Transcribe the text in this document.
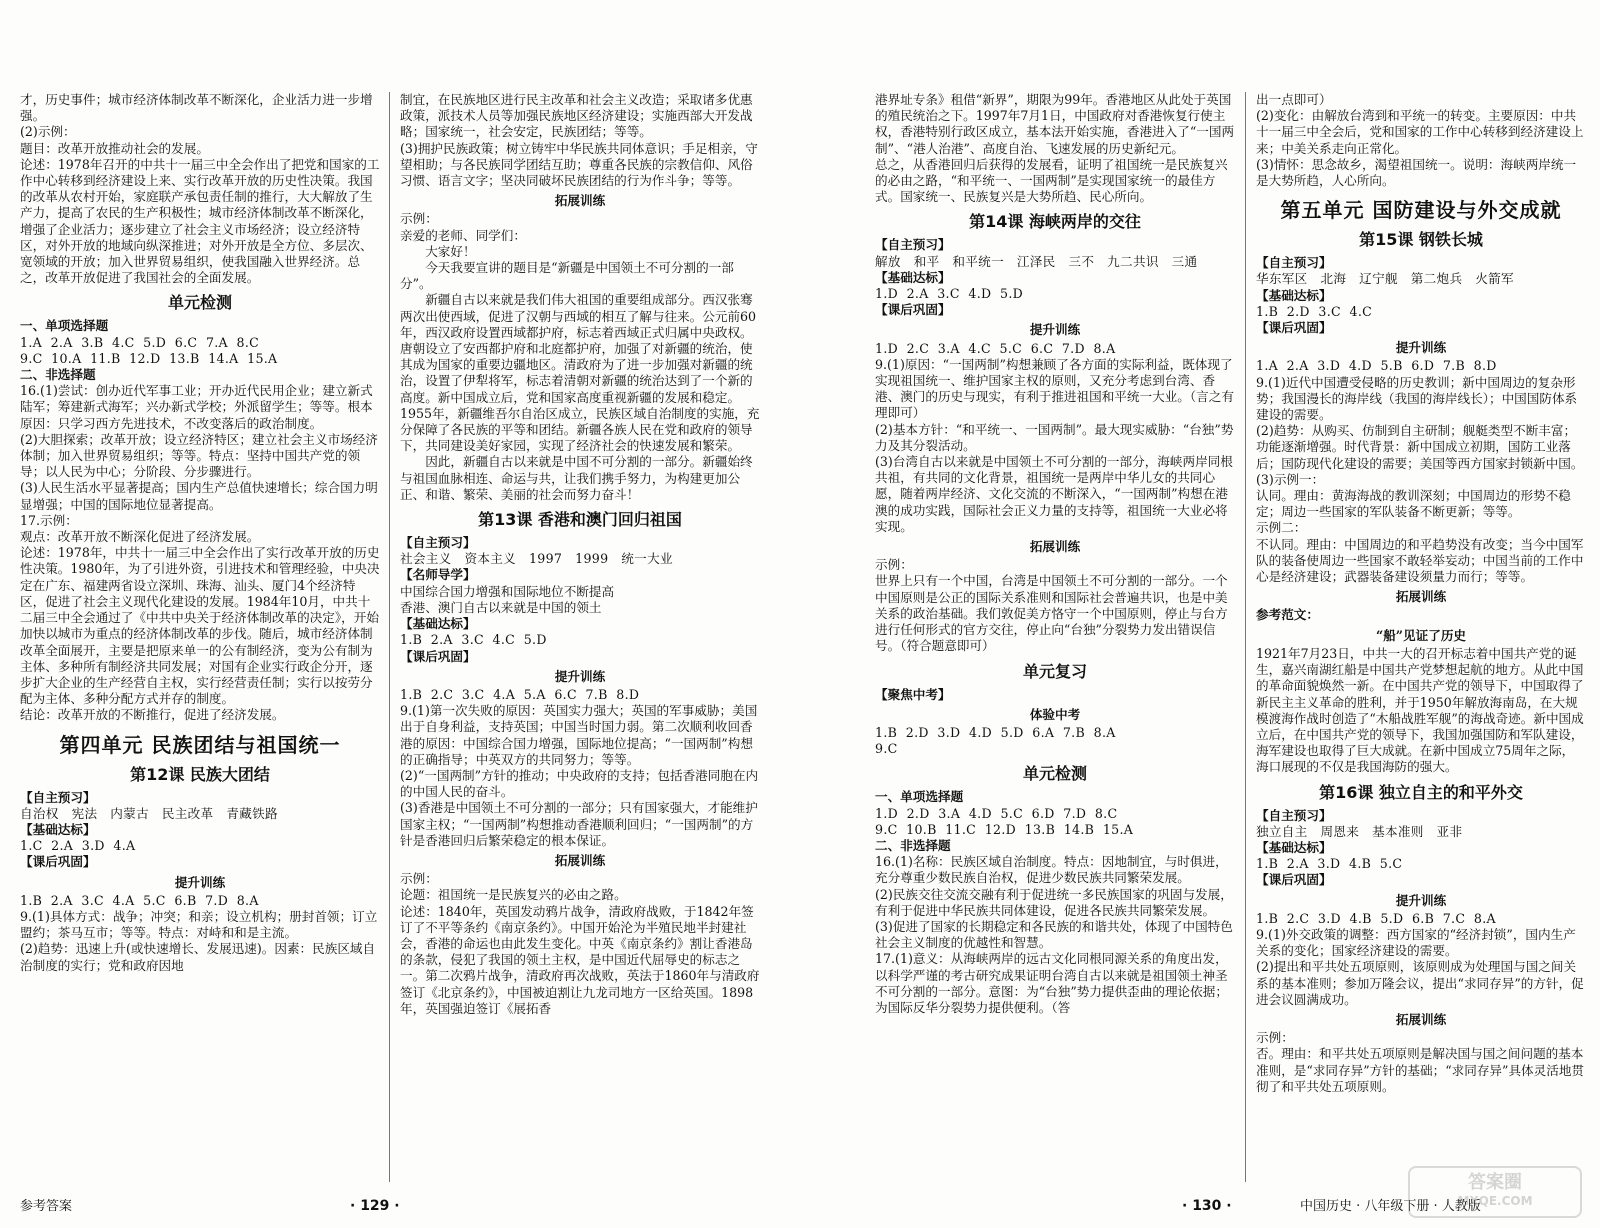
才，历史事件；城市经济体制改革不断深化，企业活力进一步增强。

(2)示例：

题目：改革开放推动社会的发展。

论述：1978年召开的中共十一届三中全会作出了把党和国家的工作中心转移到经济建设上来、实行改革开放的历史性决策。我国的改革从农村开始，家庭联产承包责任制的推行，大大解放了生产力，提高了农民的生产积极性；城市经济体制改革不断深化，增强了企业活力；逐步建立了社会主义市场经济；设立经济特区，对外开放的地域向纵深推进；对外开放是全方位、多层次、宽领域的开放；加入世界贸易组织，使我国融入世界经济。总之，改革开放促进了我国社会的全面发展。

单元检测
一、单项选择题

1.A  2.A  3.B  4.C  5.D  6.C  7.A  8.C

9.C  10.A  11.B  12.D  13.B  14.A  15.A

二、非选择题

16.(1)尝试：创办近代军事工业；开办近代民用企业；建立新式陆军；筹建新式海军；兴办新式学校；外派留学生；等等。根本原因：只学习西方先进技术，不改变落后的政治制度。

(2)大胆探索；改革开放；设立经济特区；建立社会主义市场经济体制；加入世界贸易组织；等等。特点：坚持中国共产党的领导；以人民为中心；分阶段、分步骤进行。

(3)人民生活水平显著提高；国内生产总值快速增长；综合国力明显增强；中国的国际地位显著提高。

17.示例：

观点：改革开放不断深化促进了经济发展。

论述：1978年，中共十一届三中全会作出了实行改革开放的历史性决策。1980年，为了引进外资，引进技术和管理经验，中央决定在广东、福建两省设立深圳、珠海、汕头、厦门4个经济特区，促进了社会主义现代化建设的发展。1984年10月，中共十二届三中全会通过了《中共中央关于经济体制改革的决定》，开始加快以城市为重点的经济体制改革的步伐。随后，城市经济体制改革全面展开，主要是把原来单一的公有制经济，变为公有制为主体、多种所有制经济共同发展；对国有企业实行政企分开，逐步扩大企业的生产经营自主权，实行经营责任制；实行以按劳分配为主体、多种分配方式并存的制度。

结论：改革开放的不断推行，促进了经济发展。

第四单元 民族团结与祖国统一
第12课 民族大团结
【自主预习】

自治权   宪法   内蒙古   民主改革   青藏铁路

【基础达标】

1.C  2.A  3.D  4.A

【课后巩固】
提升训练

1.B  2.A  3.C  4.A  5.C  6.B  7.D  8.A

9.(1)具体方式：战争；冲突；和亲；设立机构；册封首领；订立盟约；茶马互市；等等。特点：对峙和和是主流。

(2)趋势：迅速上升(或快速增长、发展迅速)。因素：民族区域自治制度的实行；党和政府因地

制宜，在民族地区进行民主改革和社会主义改造；采取诸多优惠政策，派技术人员等加强民族地区经济建设；实施西部大开发战略；国家统一，社会安定，民族团结；等等。

(3)拥护民族政策；树立铸牢中华民族共同体意识；手足相亲，守望相助；与各民族同学团结互助；尊重各民族的宗教信仰、风俗习惯、语言文字；坚决同破坏民族团结的行为作斗争；等等。

拓展训练

示例：

亲爱的老师、同学们：

大家好！

今天我要宣讲的题目是“新疆是中国领土不可分割的一部分”。

新疆自古以来就是我们伟大祖国的重要组成部分。西汉张骞两次出使西域，促进了汉朝与西域的相互了解与往来。公元前60年，西汉政府设置西域都护府，标志着西域正式归属中央政权。唐朝设立了安西都护府和北庭都护府，加强了对新疆的统治，使其成为国家的重要边疆地区。清政府为了进一步加强对新疆的统治，设置了伊犁将军，标志着清朝对新疆的统治达到了一个新的高度。新中国成立后，党和国家高度重视新疆的发展和稳定。1955年，新疆维吾尔自治区成立，民族区域自治制度的实施，充分保障了各民族的平等和团结。新疆各族人民在党和政府的领导下，共同建设美好家园，实现了经济社会的快速发展和繁荣。

因此，新疆自古以来就是中国不可分割的一部分。新疆始终与祖国血脉相连、命运与共，让我们携手努力，为构建更加公正、和谐、繁荣、美丽的社会而努力奋斗！

第13课 香港和澳门回归祖国
【自主预习】

社会主义   资本主义   1997   1999   统一大业

【名师导学】

中国综合国力增强和国际地位不断提高

香港、澳门自古以来就是中国的领土

【基础达标】

1.B  2.A  3.C  4.C  5.D

【课后巩固】
提升训练

1.B  2.C  3.C  4.A  5.A  6.C  7.B  8.D

9.(1)第一次失败的原因：英国实力强大；英国的军事威胁；美国出于自身利益，支持英国；中国当时国力弱。第二次顺利收回香港的原因：中国综合国力增强，国际地位提高；“一国两制”构想的正确指导；中英双方的共同努力；等等。

(2)“一国两制”方针的推动；中央政府的支持；包括香港同胞在内的中国人民的奋斗。

(3)香港是中国领土不可分割的一部分；只有国家强大，才能维护国家主权；“一国两制”构想推动香港顺利回归；“一国两制”的方针是香港回归后繁荣稳定的根本保证。

拓展训练

示例：

论题：祖国统一是民族复兴的必由之路。

论述：1840年，英国发动鸦片战争，清政府战败，于1842年签订了不平等条约《南京条约》。中国开始沦为半殖民地半封建社会，香港的命运也由此发生变化。中英《南京条约》割让香港岛的条款，侵犯了我国的领土主权，是中国近代屈辱史的标志之一。第二次鸦片战争，清政府再次战败，英法于1860年与清政府签订《北京条约》，中国被迫割让九龙司地方一区给英国。1898年，英国强迫签订《展拓香

参考答案	· 129 ·

港界址专条》租借“新界”，期限为99年。香港地区从此处于英国的殖民统治之下。1997年7月1日，中国政府对香港恢复行使主权，香港特别行政区成立，基本法开始实施，香港进入了“一国两制”、“港人治港”、高度自治、飞速发展的历史新纪元。

总之，从香港回归后获得的发展看，证明了祖国统一是民族复兴的必由之路，“和平统一、一国两制”是实现国家统一的最佳方式。国家统一、民族复兴是大势所趋、民心所向。

第14课 海峡两岸的交往
【自主预习】

解放   和平   和平统一   江泽民   三不   九二共识   三通

【基础达标】

1.D  2.A  3.C  4.D  5.D

【课后巩固】
提升训练

1.D  2.C  3.A  4.C  5.C  6.C  7.D  8.A

9.(1)原因：“一国两制”构想兼顾了各方面的实际利益，既体现了实现祖国统一、维护国家主权的原则，又充分考虑到台湾、香港、澳门的历史与现实，有利于推进祖国和平统一大业。（言之有理即可）

(2)基本方针：“和平统一、一国两制”。最大现实威胁：“台独”势力及其分裂活动。

(3)台湾自古以来就是中国领土不可分割的一部分，海峡两岸同根共祖，有共同的文化背景，祖国统一是两岸中华儿女的共同心愿，随着两岸经济、文化交流的不断深入，“一国两制”构想在港澳的成功实践，国际社会正义力量的支持等，祖国统一大业必将实现。

拓展训练

示例：

世界上只有一个中国，台湾是中国领土不可分割的一部分。一个中国原则是公正的国际关系准则和国际社会普遍共识，也是中美关系的政治基础。我们敦促美方恪守一个中国原则，停止与台方进行任何形式的官方交往，停止向“台独”分裂势力发出错误信号。（符合题意即可）

单元复习
【聚焦中考】
体验中考

1.B  2.D  3.D  4.D  5.D  6.A  7.B  8.A

9.C

单元检测
一、单项选择题

1.D  2.D  3.A  4.D  5.C  6.D  7.D  8.C

9.C  10.B  11.C  12.D  13.B  14.B  15.A

二、非选择题

16.(1)名称：民族区域自治制度。特点：因地制宜，与时俱进，充分尊重少数民族自治权，促进少数民族共同繁荣发展。

(2)民族交往交流交融有利于促进统一多民族国家的巩固与发展，有利于促进中华民族共同体建设，促进各民族共同繁荣发展。

(3)促进了国家的长期稳定和各民族的和谐共处，体现了中国特色社会主义制度的优越性和智慧。

17.(1)意义：从海峡两岸的远古文化同根同源关系的角度出发，以科学严谨的考古研究成果证明台湾自古以来就是祖国领土神圣不可分割的一部分。意图：为“台独”势力提供歪曲的理论依据；为国际反华分裂势力提供便利。（答

出一点即可）

(2)变化：由解放台湾到和平统一的转变。主要原因：中共十一届三中全会后，党和国家的工作中心转移到经济建设上来；中美关系走向正常化。

(3)情怀：思念故乡，渴望祖国统一。说明：海峡两岸统一是大势所趋，人心所向。

第五单元 国防建设与外交成就
第15课 钢铁长城
【自主预习】

华东军区   北海   辽宁舰   第二炮兵   火箭军

【基础达标】

1.B  2.D  3.C  4.C

【课后巩固】
提升训练

1.A  2.A  3.D  4.D  5.B  6.D  7.B  8.D

9.(1)近代中国遭受侵略的历史教训；新中国周边的复杂形势；我国漫长的海岸线（我国的海岸线长）；中国国防体系建设的需要。

(2)趋势：从购买、仿制到自主研制；舰艇类型不断丰富；功能逐渐增强。时代背景：新中国成立初期，国防工业落后；国防现代化建设的需要；美国等西方国家封锁新中国。

(3)示例一：

认同。理由：黄海海战的教训深刻；中国周边的形势不稳定；周边一些国家的军队装备不断更新；等等。

示例二：

不认同。理由：中国周边的和平趋势没有改变；当今中国军队的装备使周边一些国家不敢轻举妄动；中国当前的工作中心是经济建设；武器装备建设须量力而行；等等。

拓展训练
参考范文：
“船”见证了历史

1921年7月23日，中共一大的召开标志着中国共产党的诞生，嘉兴南湖红船是中国共产党梦想起航的地方。从此中国的革命面貌焕然一新。在中国共产党的领导下，中国取得了新民主主义革命的胜利，并于1950年解放海南岛，在大规模渡海作战时创造了“木船战胜军舰”的海战奇迹。新中国成立后，在中国共产党的领导下，我国加强国防和军队建设，海军建设也取得了巨大成就。在新中国成立75周年之际，海口展现的不仅是我国海防的强大。

第16课 独立自主的和平外交
【自主预习】

独立自主   周恩来   基本准则   亚非

【基础达标】

1.B  2.A  3.D  4.B  5.C

【课后巩固】
提升训练

1.B  2.C  3.D  4.B  5.D  6.B  7.C  8.A

9.(1)外交政策的调整：西方国家的“经济封锁”，国内生产关系的变化；国家经济建设的需要。

(2)提出和平共处五项原则，该原则成为处理国与国之间关系的基本准则；参加万隆会议，提出“求同存异”的方针，促进会议圆满成功。

拓展训练

示例：

否。理由：和平共处五项原则是解决国与国之间问题的基本准则，是“求同存异”方针的基础；“求同存异”具体灵活地贯彻了和平共处五项原则。

· 130 ·	中国历史 · 八年级下册 · 人教版
答案圈
MXQE.COM
